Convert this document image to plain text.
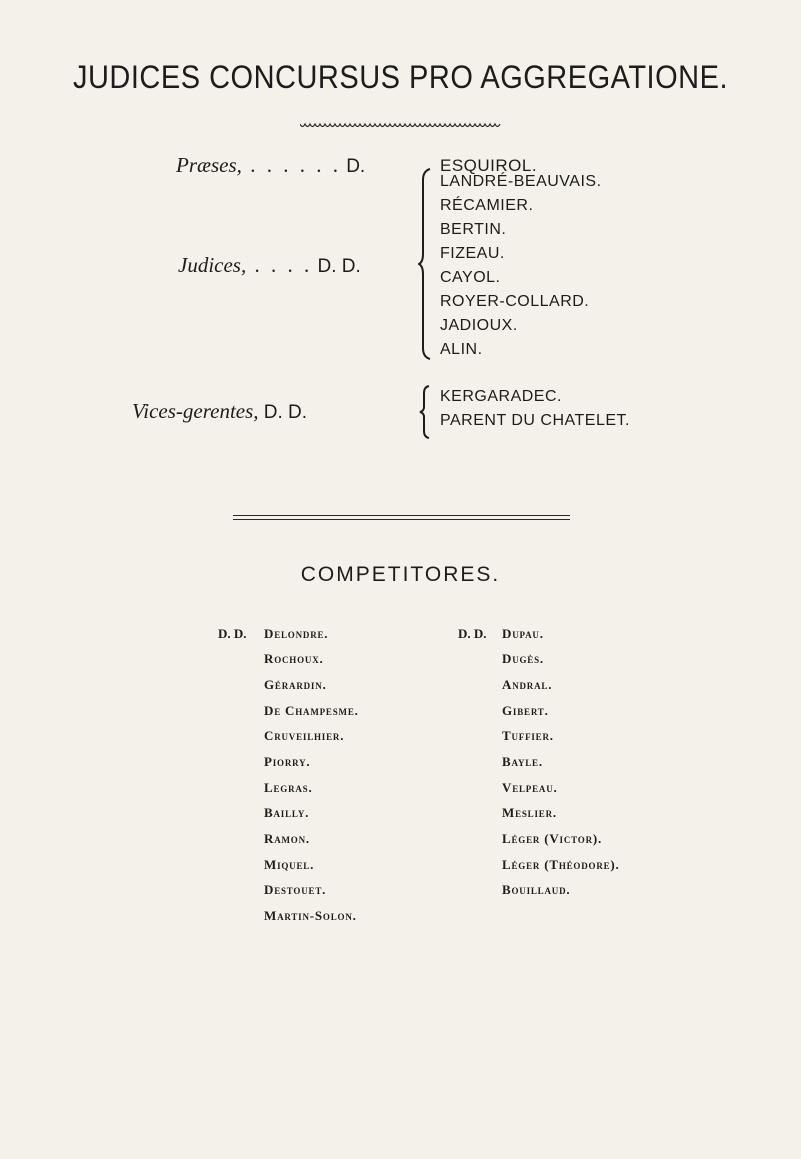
JUDICES CONCURSUS PRO AGGREGATIONE.
Præses, . . . . . . D.	ESQUIROL.
Judices, . . . . D. D.
LANDRÉ-BEAUVAIS.
RÉCAMIER.
BERTIN.
FIZEAU.
CAYOL.
ROYER-COLLARD.
JADIOUX.
ALIN.
Vices-gerentes, D. D.
KERGARADEC.
PARENT DU CHATELET.
COMPETITORES.
D. D.	D. D.
Delondre.
Rochoux.
Gérardin.
De Champesme.
Cruveilhier.
Piorry.
Legras.
Bailly.
Ramon.
Miquel.
Destouet.
Martin-Solon.
Dupau.
Dugès.
Andral.
Gibert.
Tuffier.
Bayle.
Velpeau.
Meslier.
Léger (Victor).
Léger (Théodore).
Bouillaud.
